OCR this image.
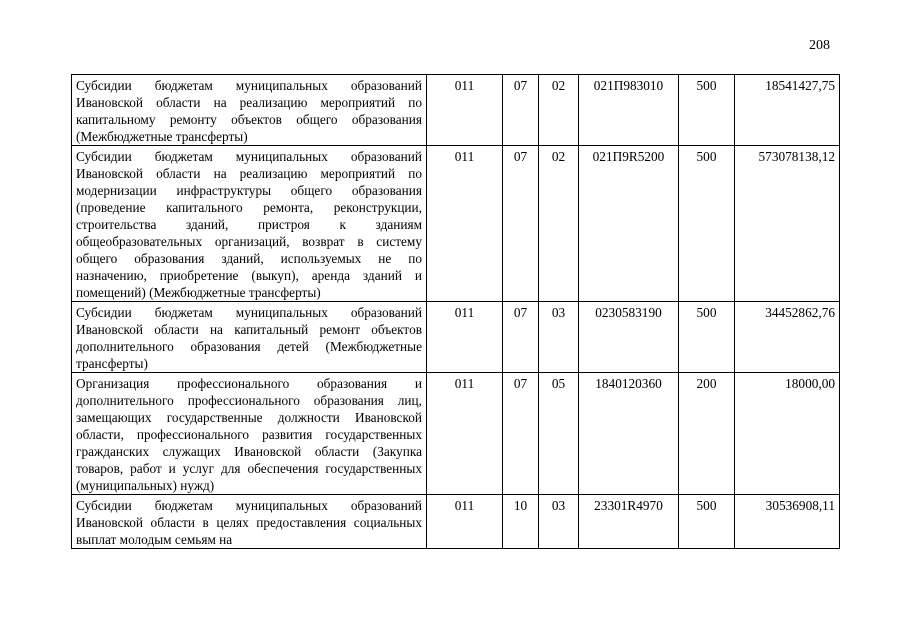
208
Субсидии бюджетам муниципальных образований Ивановской области на реализацию мероприятий по капитальному ремонту объектов общего образования (Межбюджетные трансферты)	011	07	02	021П983010	500	18541427,75
Субсидии бюджетам муниципальных образований Ивановской области на реализацию мероприятий по модернизации инфраструктуры общего образования (проведение капитального ремонта, реконструкции, строительства зданий, пристроя к зданиям общеобразовательных организаций, возврат в систему общего образования зданий, используемых не по назначению, приобретение (выкуп), аренда зданий и помещений) (Межбюджетные трансферты)	011	07	02	021П9R5200	500	573078138,12
Субсидии бюджетам муниципальных образований Ивановской области на капитальный ремонт объектов дополнительного образования детей (Межбюджетные трансферты)	011	07	03	0230583190	500	34452862,76
Организация профессионального образования и дополнительного профессионального образования лиц, замещающих государственные должности Ивановской области, профессионального развития государственных гражданских служащих Ивановской области (Закупка товаров, работ и услуг для обеспечения государственных (муниципальных) нужд)	011	07	05	1840120360	200	18000,00
Субсидии бюджетам муниципальных образований Ивановской области в целях предоставления социальных выплат молодым семьям на	011	10	03	23301R4970	500	30536908,11
